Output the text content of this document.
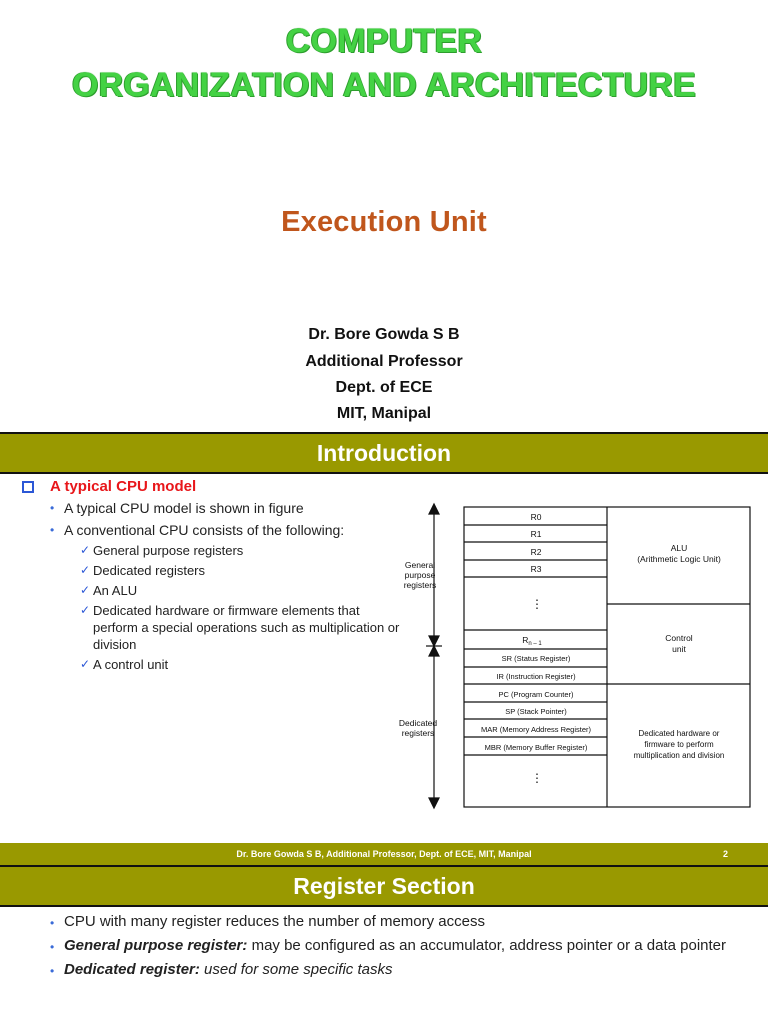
COMPUTER
ORGANIZATION AND ARCHITECTURE
Execution Unit
Dr. Bore Gowda S B
Additional Professor
Dept. of ECE
MIT, Manipal
Introduction
A typical CPU model
• A typical CPU model is shown in figure
• A conventional CPU consists of the following:
✓ General purpose registers
✓ Dedicated registers
✓ An ALU
✓ Dedicated hardware or firmware elements that perform a special operations such as multiplication or division
✓ A control unit
General
purpose
registers
Dedicated
registers
R0
R1
R2
R3
⋮
$R_{n - 1}$
SR (Status Register)
IR (Instruction Register)
PC (Program Counter)
SP (Stack Pointer)
MAR (Memory Address Register)
MBR (Memory Buffer Register)
⋮
ALU
(Arithmetic Logic Unit)
Control
unit
Dedicated hardware or
firmware to perform
multiplication and division
Dr. Bore Gowda S B, Additional Professor, Dept. of ECE, MIT, Manipal	2
Register Section
• CPU with many register reduces the number of memory access
• General purpose register: may be configured as an accumulator, address pointer or a data pointer
• Dedicated register: used for some specific tasks
